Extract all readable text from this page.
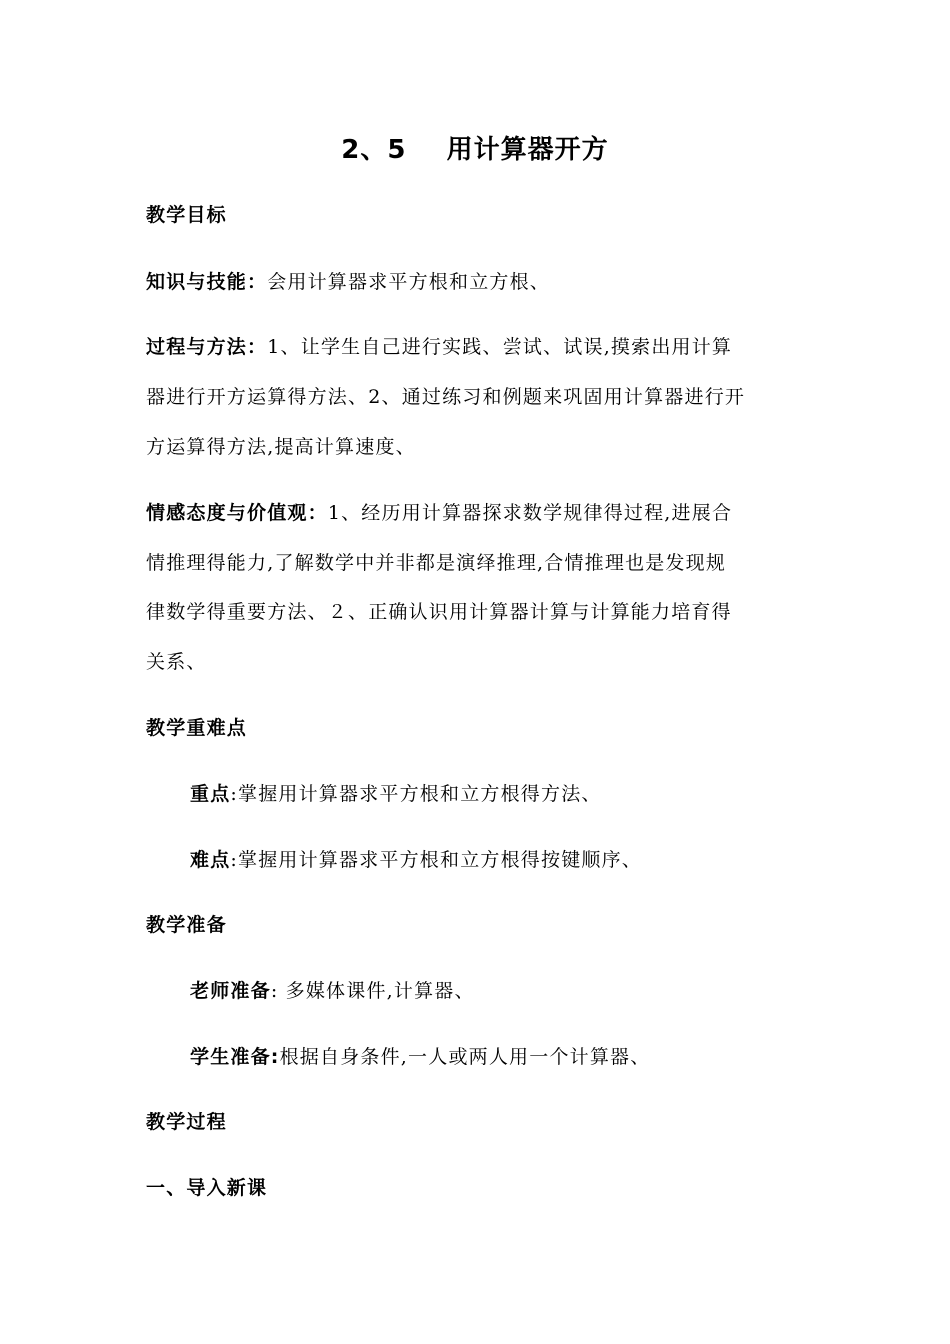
2、5    用计算器开方
教学目标
知识与技能：会用计算器求平方根和立方根、
过程与方法：1、让学生自己进行实践、尝试、试误,摸索出用计算
器进行开方运算得方法、2、通过练习和例题来巩固用计算器进行开
方运算得方法,提高计算速度、
情感态度与价值观：1、经历用计算器探求数学规律得过程,进展合
情推理得能力,了解数学中并非都是演绎推理,合情推理也是发现规
律数学得重要方法、２、正确认识用计算器计算与计算能力培育得
关系、
教学重难点
重点:掌握用计算器求平方根和立方根得方法、
难点:掌握用计算器求平方根和立方根得按键顺序、
教学准备
老师准备: 多媒体课件,计算器、
学生准备:根据自身条件,一人或两人用一个计算器、
教学过程
一、导入新课
